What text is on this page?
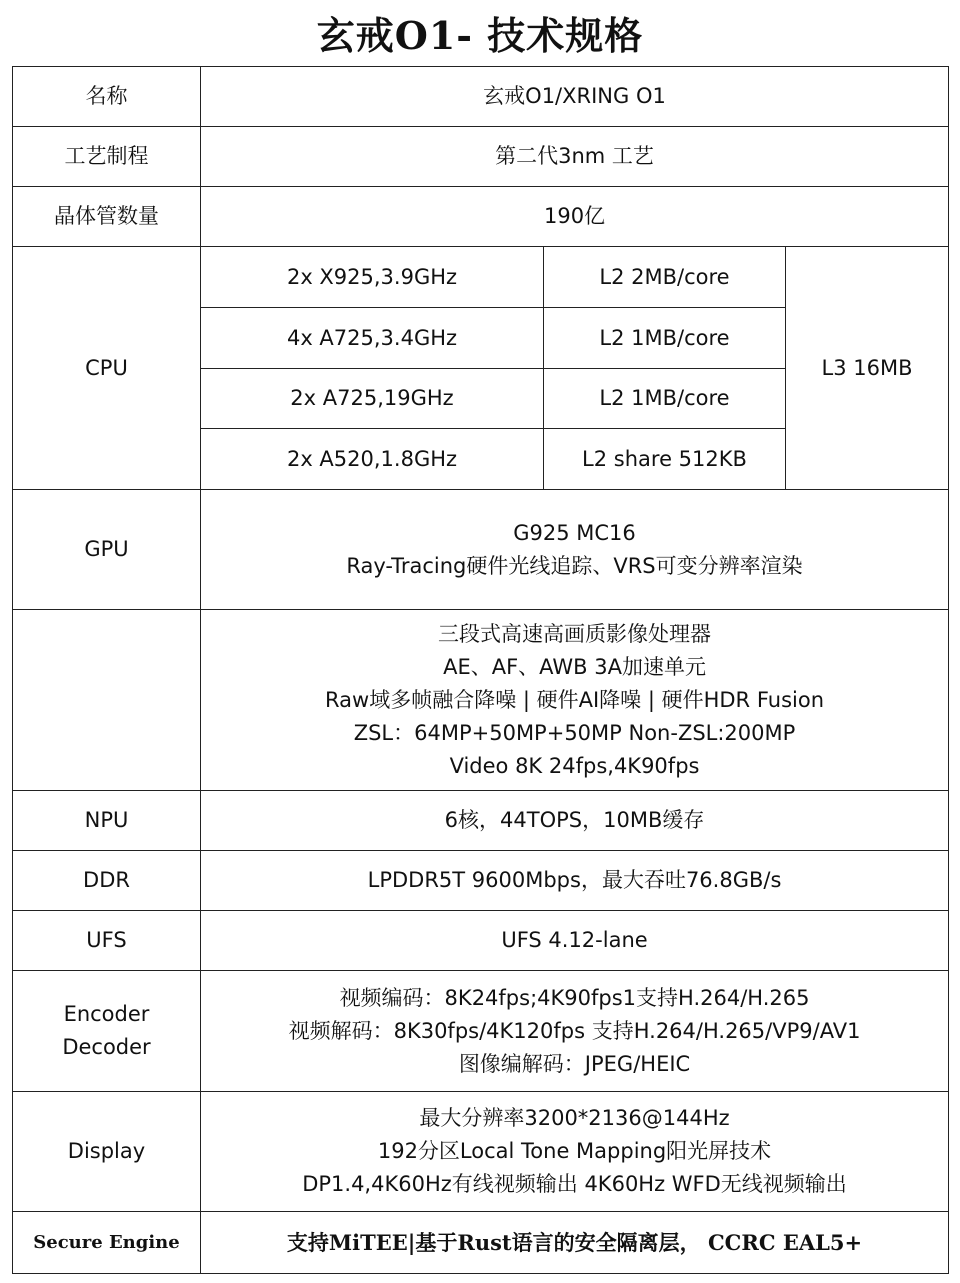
玄戒O1- 技术规格
名称	玄戒O1/XRING O1		
工艺制程	第二代3nm 工艺		
晶体管数量	190亿		
CPU	2x X925,3.9GHz	L2 2MB/core	L3 16MB
	4x A725,3.4GHz	L2 1MB/core	
	2x A725,19GHz	L2 1MB/core	
	2x A520,1.8GHz	L2 share 512KB	
GPU	G925 MC16
Ray-Tracing硬件光线追踪、VRS可变分辨率渲染		

	三段式高速高画质影像处理器
AE、AF、AWB 3A加速单元
Raw域多帧融合降噪 | 硬件AI降噪 | 硬件HDR Fusion
ZSL：64MP+50MP+50MP Non-ZSL:200MP
Video 8K 24fps,4K90fps		

NPU	6核，44TOPS，10MB缓存		
DDR	LPDDR5T 9600Mbps，最大吞吐76.8GB/s		
UFS	UFS 4.12-lane		

Encoder
Decoder	视频编码：8K24fps;4K90fps1支持H.264/H.265
视频解码：8K30fps/4K120fps 支持H.264/H.265/VP9/AV1
图像编解码：JPEG/HEIC		

Display	最大分辨率3200*2136@144Hz
192分区Local Tone Mapping阳光屏技术
DP1.4,4K60Hz有线视频输出 4K60Hz WFD无线视频输出		

Secure Engine	支持MiTEE|基于Rust语言的安全隔离层， CCRC EAL5+		
